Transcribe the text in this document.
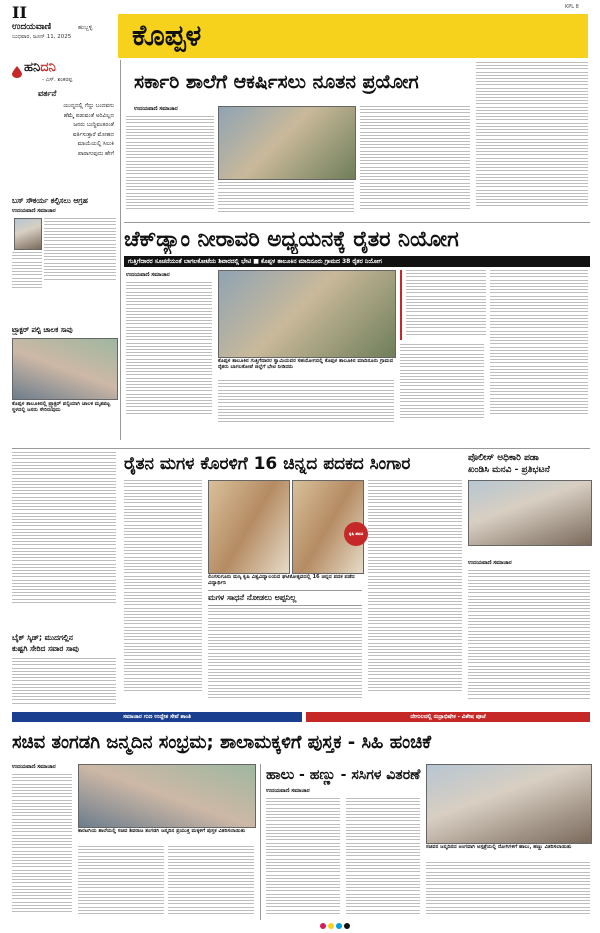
II
ಉದಯವಾಣಿ	ಹುಬ್ಬಳ್ಳಿ
ಬುಧವಾರ, ಜೂನ್ 11, 2025 ಕೊಪ್ಪಳ
KPL 8
ಹನಿದನಿ
- ಎಸ್. ಶಂಕರಪ್ಪ
ವರ್ತನೆ
ಯುದ್ಧದಲ್ಲಿ ಗೆದ್ದು ಬಂದವನು ಹೆಮ್ಮೆ ಪಡುವಂತೆ ಅರಿವಿಲ್ಲದ ಜನರು ಬುದ್ಧಿವಂತರಂತೆ ವರ್ತಿಸುತ್ತಾರೆ ಮೋಹದ ಮಾಯೆಯಲ್ಲಿ ಸಿಲುಕಿ ಪಾರಾಗುವುದು ಹೇಗೆ
ಬಸ್ ಸೌಕರ್ಯ ಕಲ್ಪಿಸಲು ಆಗ್ರಹ
ಉದಯವಾಣಿ ಸಮಾಚಾರ
ಟ್ರ್ಯಾಕ್ಟರ್ ಪಲ್ಟಿ ಚಾಲಕ ಸಾವು
ಕೊಪ್ಪಳ ತಾಲೂಕಿನಲ್ಲಿ ಟ್ರ್ಯಾಕ್ಟರ್ ಪಲ್ಟಿಯಾಗಿ ಚಾಲಕ ಮೃತಪಟ್ಟ ಸ್ಥಳದಲ್ಲಿ ಜನರು ಸೇರಿರುವುದು
ಸರ್ಕಾರಿ ಶಾಲೆಗೆ ಆಕರ್ಷಿಸಲು ನೂತನ ಪ್ರಯೋಗ
ಉದಯವಾಣಿ ಸಮಾಚಾರ
ಚೆಕ್‌ಡ್ಯಾಂ ನೀರಾವರಿ ಅಧ್ಯಯನಕ್ಕೆ ರೈತರ ನಿಯೋಗ
ಗುತ್ತಿಗೆದಾರರ ಸೂಚನೆಯಂತೆ ಬಾಗಲಕೋಟೆಯ ಶಿವಾರದಲ್ಲಿ ಭೇಟಿ ■ ಕೊಪ್ಪಳ ತಾಲೂಕಿನ ಮಾದಿನೂರು ಗ್ರಾಮದ 38 ರೈತರ ನಿಯೋಗ
ಉದಯವಾಣಿ ಸಮಾಚಾರ
ಕೊಪ್ಪಳ ತಾಲೂಕಿನ ಗುತ್ತಿಗೆದಾರರ ಸ್ವಾಮಿಯವರ ಸಹಯೋಗದಲ್ಲಿ ಕೊಪ್ಪಳ ತಾಲೂಕಿನ ಮಾದಿನೂರು ಗ್ರಾಮದ ರೈತರು ಬಾಗಲಕೋಟೆ ಜಿಲ್ಲೆಗೆ ಭೇಟಿ ನೀಡಿದರು
ರೈತನ ಮಗಳ ಕೊರಳಿಗೆ 16 ಚಿನ್ನದ ಪದಕದ ಸಿಂಗಾರ
ಕೃಷಿ ಪದವಿ
ಲಿಂಗಸುಗೂರು ಮಸ್ಕಿ ಕೃಷಿ ವಿಶ್ವವಿದ್ಯಾಲಯದ ಘಟಿಕೋತ್ಸವದಲ್ಲಿ 16 ಚಿನ್ನದ ಪದಕ ಪಡೆದ ವಿದ್ಯಾರ್ಥಿನಿ
ಮಗಳ ಸಾಧನೆ ನೋಡಲು ಅಪ್ಪನಿಲ್ಲ
ಬೈಕ್ ಸ್ಕಿಡ್; ಮುದಗಲ್ಲಿನ
ಕುಷ್ಟಗಿ ಸೇರಿದ ಸವಾರ ಸಾವು
ಪೊಲೀಸ್ ಅಧಿಕಾರಿ ಪಡಾ
ಖಂಡಿಸಿ ಮನವಿ - ಪ್ರತಿಭಟನೆ
ಉದಯವಾಣಿ ಸಮಾಚಾರ
ಸಮಾಚಾರ ಗುಣ ಉದ್ದೇಶ ಸೇವೆ ಶಾಂತಿ	ದೇಗುಲದಲ್ಲಿ ರುದ್ರಾಭಿಷೇಕ - ವಿಶೇಷ ಪೂಜೆ
ಸಚಿವ ತಂಗಡಗಿ ಜನ್ಮದಿನ ಸಂಭ್ರಮ; ಶಾಲಾಮಕ್ಕಳಿಗೆ ಪುಸ್ತಕ - ಸಿಹಿ ಹಂಚಿಕೆ
ಉದಯವಾಣಿ ಸಮಾಚಾರ
ಕಾರಟಗಿಯ ಶಾಲೆಯಲ್ಲಿ ಸಚಿವ ಶಿವರಾಜ ತಂಗಡಗಿ ಜನ್ಮದಿನ ಪ್ರಯುಕ್ತ ಮಕ್ಕಳಿಗೆ ಪುಸ್ತಕ ವಿತರಿಸಲಾಯಿತು
ಹಾಲು - ಹಣ್ಣು - ಸಸಿಗಳ ವಿತರಣೆ
ಉದಯವಾಣಿ ಸಮಾಚಾರ
ಸಚಿವರ ಜನ್ಮದಿನದ ಅಂಗವಾಗಿ ಆಸ್ಪತ್ರೆಯಲ್ಲಿ ರೋಗಿಗಳಿಗೆ ಹಾಲು, ಹಣ್ಣು ವಿತರಿಸಲಾಯಿತು
